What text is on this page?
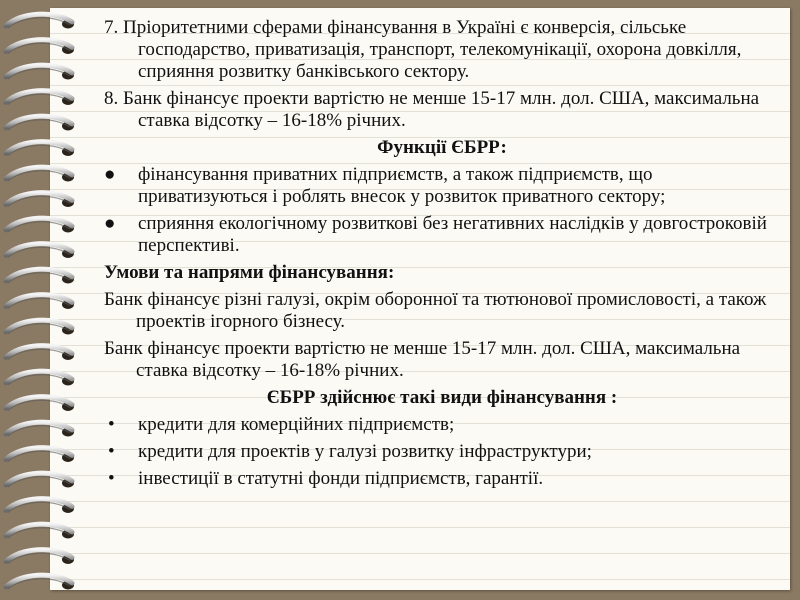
7. Пріоритетними сферами фінансування в Україні є конверсія, сільське господарство, приватизація, транспорт, телекомунікації, охорона довкілля, сприяння розвитку банківського сектору.
8. Банк фінансує проекти вартістю не менше 15-17 млн. дол. США, максимальна ставка відсотку – 16-18% річних.
Функції ЄБРР:
●	фінансування приватних підприємств, а також підприємств, що приватизуються і роблять внесок у розвиток приватного сектору;
●	сприяння екологічному розвиткові без негативних наслідків у довгостроковій перспективі.
Умови та напрями фінансування:
Банк фінансує різні галузі, окрім оборонної та тютюнової промисловості, а також проектів ігорного бізнесу.
Банк фінансує проекти вартістю не менше 15-17 млн. дол. США, максимальна ставка відсотку – 16-18% річних.
ЄБРР здійснює такі види фінансування :
•	кредити для комерційних підприємств;
•	кредити для проектів у галузі розвитку інфраструктури;
•	інвестиції в статутні фонди підприємств, гарантії.
